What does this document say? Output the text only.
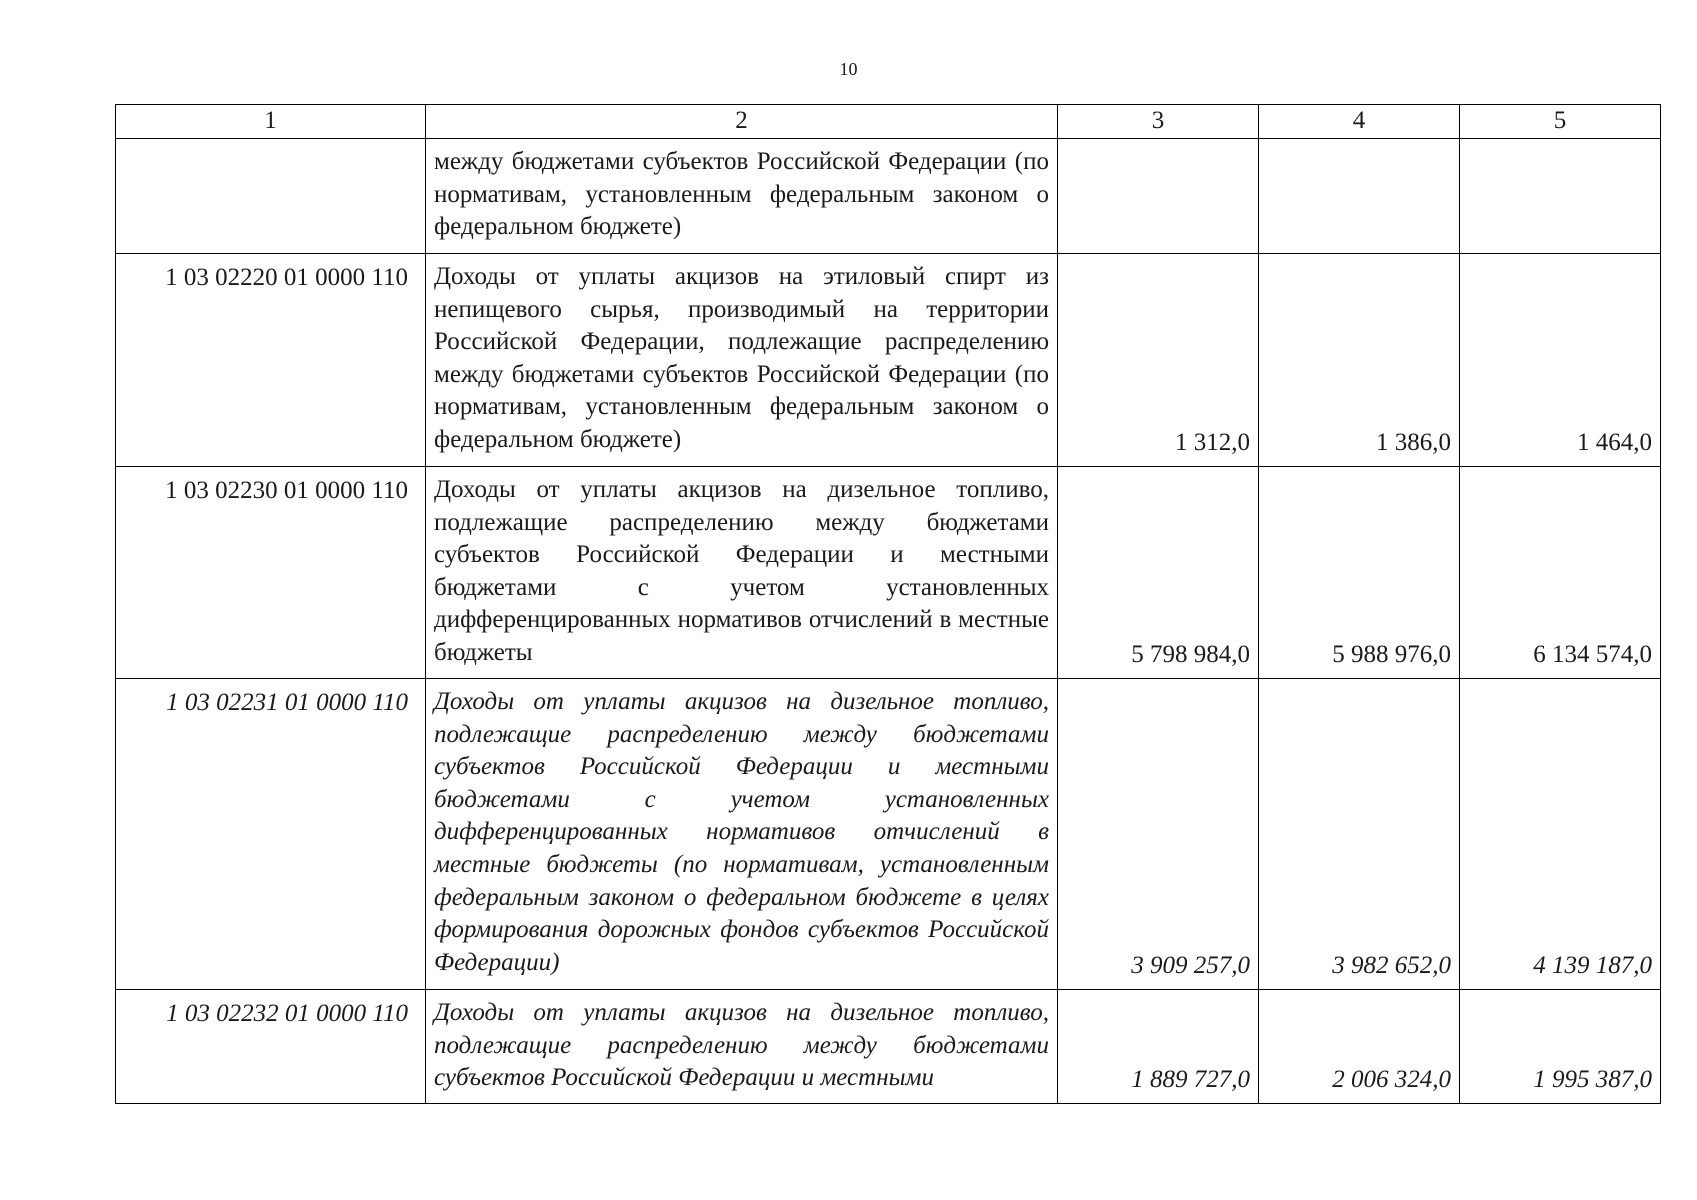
10
1	2	3	4	5
	между бюджетами субъектов Российской Федерации (по нормативам, установленным федеральным законом о федеральном бюджете)			
1 03 02220 01 0000 110	Доходы от уплаты акцизов на этиловый спирт из непищевого сырья, производимый на территории Российской Федерации, подлежащие распределению между бюджетами субъектов Российской Федерации (по нормативам, установленным федеральным законом о федеральном бюджете)	1 312,0	1 386,0	1 464,0
1 03 02230 01 0000 110	Доходы от уплаты акцизов на дизельное топливо, подлежащие распределению между бюджетами субъектов Российской Федерации и местными бюджетами с учетом установленных дифференцированных нормативов отчислений в местные бюджеты	5 798 984,0	5 988 976,0	6 134 574,0
1 03 02231 01 0000 110	Доходы от уплаты акцизов на дизельное топливо, подлежащие распределению между бюджетами субъектов Российской Федерации и местными бюджетами с учетом установленных дифференцированных нормативов отчислений в местные бюджеты (по нормативам, установленным федеральным законом о федеральном бюджете в целях формирования дорожных фондов субъектов Российской Федерации)	3 909 257,0	3 982 652,0	4 139 187,0
1 03 02232 01 0000 110	Доходы от уплаты акцизов на дизельное топливо, подлежащие распределению между бюджетами субъектов Российской Федерации и местными	1 889 727,0	2 006 324,0	1 995 387,0
